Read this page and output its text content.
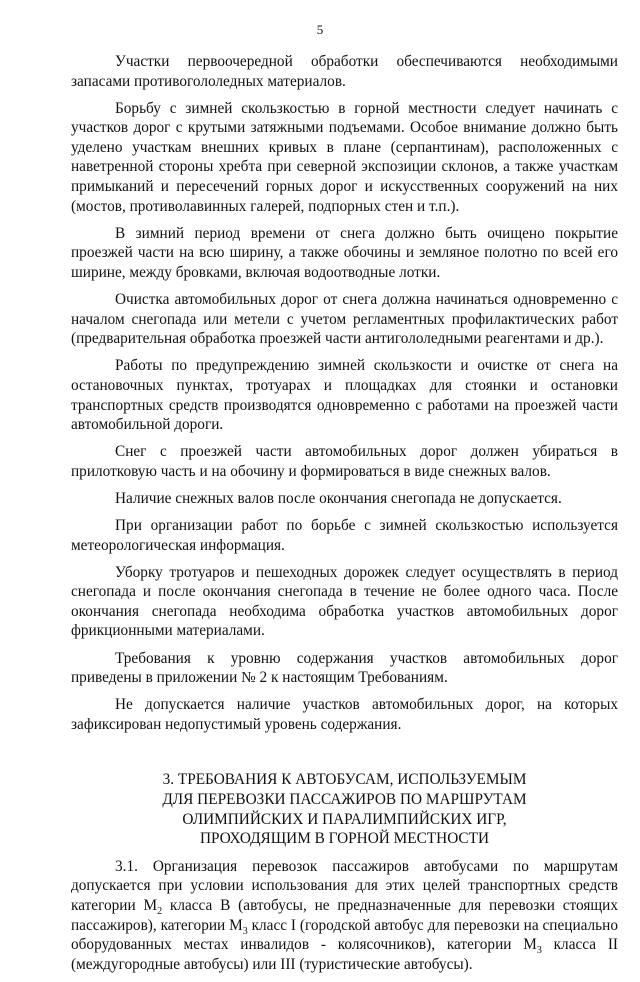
5

Участки первоочередной обработки обеспечиваются необходимыми запасами противогололедных материалов.

Борьбу с зимней скользкостью в горной местности следует начинать с участков дорог с крутыми затяжными подъемами. Особое внимание должно быть уделено участкам внешних кривых в плане (серпантинам), расположенных с наветренной стороны хребта при северной экспозиции склонов, а также участкам примыканий и пересечений горных дорог и искусственных сооружений на них (мостов, противолавинных галерей, подпорных стен и т.п.).

В зимний период времени от снега должно быть очищено покрытие проезжей части на всю ширину, а также обочины и земляное полотно по всей его ширине, между бровками, включая водоотводные лотки.

Очистка автомобильных дорог от снега должна начинаться одновременно с началом снегопада или метели с учетом регламентных профилактических работ (предварительная обработка проезжей части антигололедными реагентами и др.).

Работы по предупреждению зимней скользкости и очистке от снега на остановочных пунктах, тротуарах и площадках для стоянки и остановки транспортных средств производятся одновременно с работами на проезжей части автомобильной дороги.

Снег с проезжей части автомобильных дорог должен убираться в прилотковую часть и на обочину и формироваться в виде снежных валов.

Наличие снежных валов после окончания снегопада не допускается.

При организации работ по борьбе с зимней скользкостью используется метеорологическая информация.

Уборку тротуаров и пешеходных дорожек следует осуществлять в период снегопада и после окончания снегопада в течение не более одного часа. После окончания снегопада необходима обработка участков автомобильных дорог фрикционными материалами.

Требования к уровню содержания участков автомобильных дорог приведены в приложении № 2 к настоящим Требованиям.

Не допускается наличие участков автомобильных дорог, на которых зафиксирован недопустимый уровень содержания.

3. ТРЕБОВАНИЯ К АВТОБУСАМ, ИСПОЛЬЗУЕМЫМ
ДЛЯ ПЕРЕВОЗКИ ПАССАЖИРОВ ПО МАРШРУТАМ
ОЛИМПИЙСКИХ И ПАРАЛИМПИЙСКИХ ИГР,
ПРОХОДЯЩИМ В ГОРНОЙ МЕСТНОСТИ

3.1. Организация перевозок пассажиров автобусами по маршрутам допускается при условии использования для этих целей транспортных средств категории $М_2$ класса В (автобусы, не предназначенные для перевозки стоящих пассажиров), категории $М_3$ класс I (городской автобус для перевозки на специально оборудованных местах инвалидов - колясочников), категории $М_3$ класса II (междугородные автобусы) или III (туристические автобусы).
